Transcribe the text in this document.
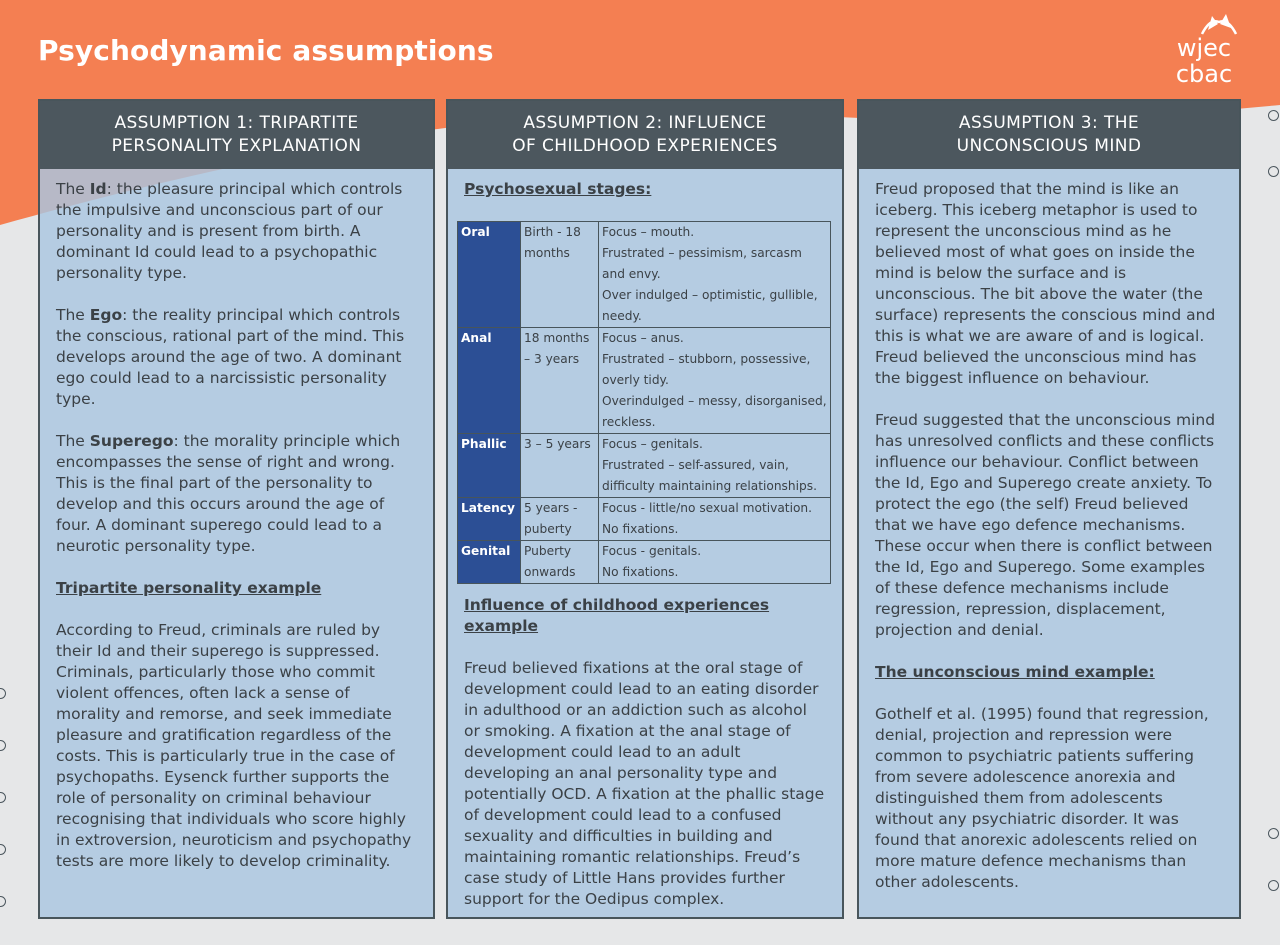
Psychodynamic assumptions	wjec
cbac
ASSUMPTION 1: TRIPARTITE
PERSONALITY EXPLANATION

The Id: the pleasure principal which controls the impulsive and unconscious part of our personality and is present from birth. A dominant Id could lead to a psychopathic personality type.

The Ego: the reality principal which controls the conscious, rational part of the mind. This develops around the age of two. A dominant ego could lead to a narcissistic personality type.

The Superego: the morality principle which encompasses the sense of right and wrong. This is the final part of the personality to develop and this occurs around the age of four. A dominant superego could lead to a neurotic personality type.

Tripartite personality example

According to Freud, criminals are ruled by their Id and their superego is suppressed. Criminals, particularly those who commit violent offences, often lack a sense of morality and remorse, and seek immediate pleasure and gratification regardless of the costs. This is particularly true in the case of psychopaths. Eysenck further supports the role of personality on criminal behaviour recognising that individuals who score highly in extroversion, neuroticism and psychopathy tests are more likely to develop criminality.

ASSUMPTION 2: INFLUENCE
OF CHILDHOOD EXPERIENCES

Psychosexual stages:

Oral	Birth - 18 months	Focus – mouth.
Frustrated – pessimism, sarcasm and envy.
Over indulged – optimistic, gullible, needy.

Anal	18 months – 3 years	Focus – anus.
Frustrated – stubborn, possessive, overly tidy.
Overindulged – messy, disorganised, reckless.

Phallic	3 – 5 years	Focus – genitals.
Frustrated – self-assured, vain, difficulty maintaining relationships.

Latency	5 years - puberty	Focus - little/no sexual motivation.
No fixations.

Genital	Puberty onwards	Focus - genitals.
No fixations.

Influence of childhood experiences example

Freud believed fixations at the oral stage of development could lead to an eating disorder in adulthood or an addiction such as alcohol or smoking. A fixation at the anal stage of development could lead to an adult developing an anal personality type and potentially OCD. A fixation at the phallic stage of development could lead to a confused sexuality and difficulties in building and maintaining romantic relationships. Freud’s case study of Little Hans provides further support for the Oedipus complex.

ASSUMPTION 3: THE
UNCONSCIOUS MIND

Freud proposed that the mind is like an iceberg. This iceberg metaphor is used to represent the unconscious mind as he believed most of what goes on inside the mind is below the surface and is unconscious. The bit above the water (the surface) represents the conscious mind and this is what we are aware of and is logical. Freud believed the unconscious mind has the biggest influence on behaviour.

Freud suggested that the unconscious mind has unresolved conflicts and these conflicts influence our behaviour. Conflict between the Id, Ego and Superego create anxiety. To protect the ego (the self) Freud believed that we have ego defence mechanisms. These occur when there is conflict between the Id, Ego and Superego. Some examples of these defence mechanisms include regression, repression, displacement, projection and denial.

The unconscious mind example:

Gothelf et al. (1995) found that regression, denial, projection and repression were common to psychiatric patients suffering from severe adolescence anorexia and distinguished them from adolescents without any psychiatric disorder. It was found that anorexic adolescents relied on more mature defence mechanisms than other adolescents.
